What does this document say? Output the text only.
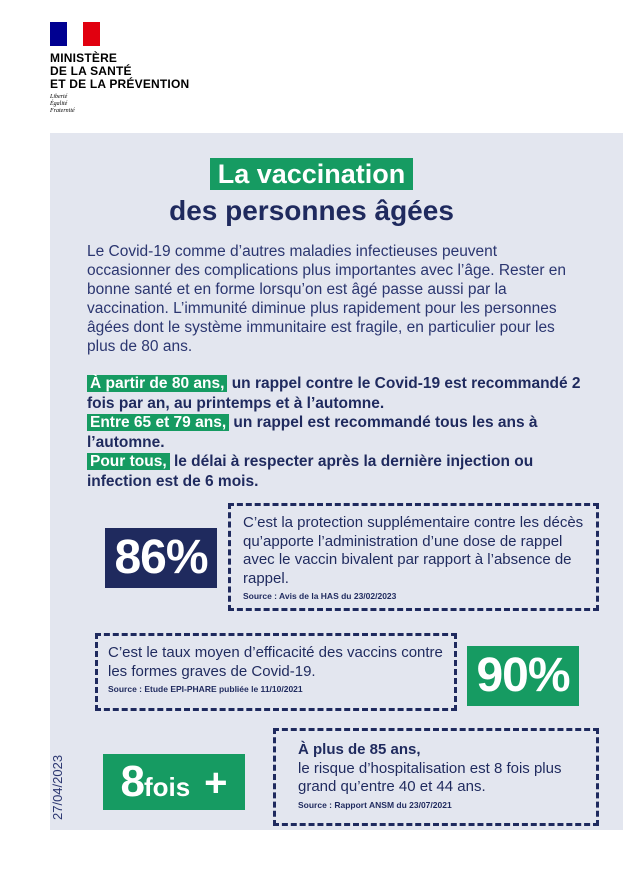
MINISTÈRE
DE LA SANTÉ
ET DE LA PRÉVENTION
Liberté
Égalité
Fraternité
La vaccination
des personnes âgées
Le Covid-19 comme d’autres maladies infectieuses peuvent occasionner des complications plus importantes avec l’âge. Rester en bonne santé et en forme lorsqu’on est âgé passe aussi par la vaccination. L’immunité diminue plus rapidement pour les personnes âgées dont le système immunitaire est fragile, en particulier pour les plus de 80 ans.

À partir de 80 ans, un rappel contre le Covid-19 est recommandé 2 fois par an, au printemps et à l’automne.

Entre 65 et 79 ans, un rappel est recommandé tous les ans à l’automne.

Pour tous, le délai à respecter après la dernière injection ou infection est de 6 mois.

86%
C’est la protection supplémentaire contre les décès qu’apporte l’administration d’une dose de rappel avec le vaccin bivalent par rapport à l’absence de rappel.
Source : Avis de la HAS du 23/02/2023
C’est le taux moyen d’efficacité des vaccins contre les formes graves de Covid-19.
Source : Etude EPI-PHARE publiée le 11/10/2021	90%
8fois +
À plus de 85 ans,
le risque d’hospitalisation est 8 fois plus grand qu’entre 40 et 44 ans.
Source : Rapport ANSM du 23/07/2021
27/04/2023
